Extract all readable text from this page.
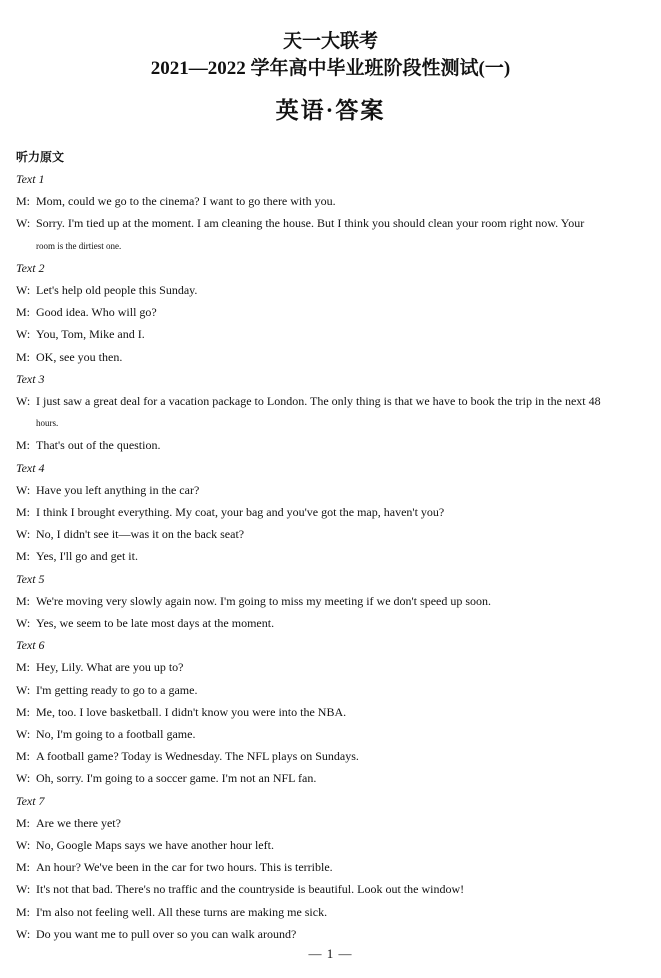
天一大联考
2021—2022 学年高中毕业班阶段性测试(一)
英语·答案
听力原文
Text 1
M: Mom, could we go to the cinema? I want to go there with you.
W: Sorry. I'm tied up at the moment. I am cleaning the house. But I think you should clean your room right now. Your
room is the dirtiest one.
Text 2
W: Let's help old people this Sunday.
M: Good idea. Who will go?
W: You, Tom, Mike and I.
M: OK, see you then.
Text 3
W: I just saw a great deal for a vacation package to London. The only thing is that we have to book the trip in the next 48
hours.
M: That's out of the question.
Text 4
W: Have you left anything in the car?
M: I think I brought everything. My coat, your bag and you've got the map, haven't you?
W: No, I didn't see it—was it on the back seat?
M: Yes, I'll go and get it.
Text 5
M: We're moving very slowly again now. I'm going to miss my meeting if we don't speed up soon.
W: Yes, we seem to be late most days at the moment.
Text 6
M: Hey, Lily. What are you up to?
W: I'm getting ready to go to a game.
M: Me, too. I love basketball. I didn't know you were into the NBA.
W: No, I'm going to a football game.
M: A football game? Today is Wednesday. The NFL plays on Sundays.
W: Oh, sorry. I'm going to a soccer game. I'm not an NFL fan.
Text 7
M: Are we there yet?
W: No, Google Maps says we have another hour left.
M: An hour? We've been in the car for two hours. This is terrible.
W: It's not that bad. There's no traffic and the countryside is beautiful. Look out the window!
M: I'm also not feeling well. All these turns are making me sick.
W: Do you want me to pull over so you can walk around?
— 1 —
